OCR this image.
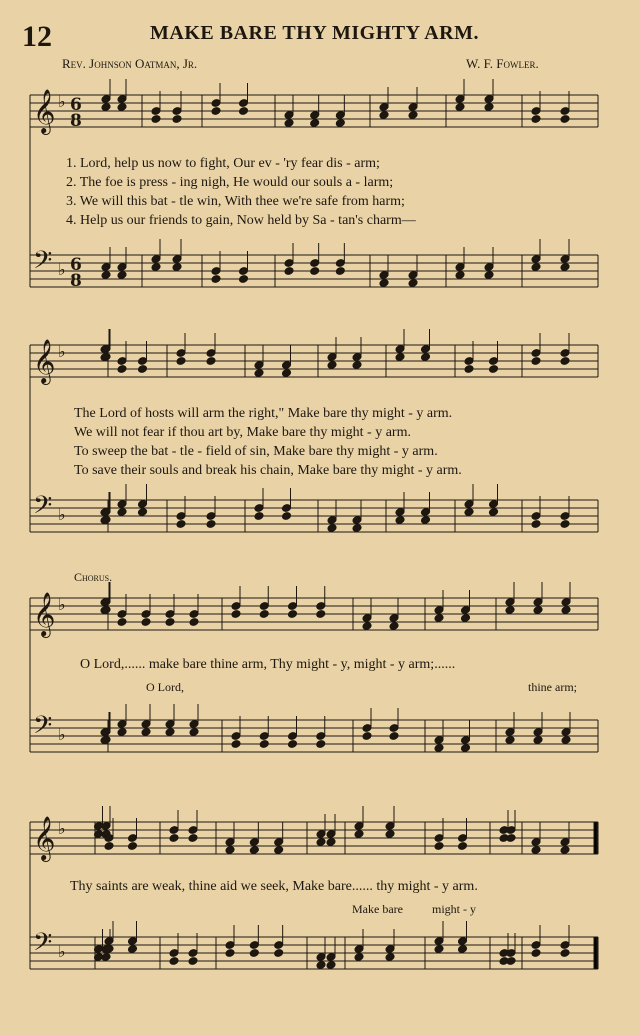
12	MAKE BARE THY MIGHTY ARM.
Rev. Johnson Oatman, Jr.	W. F. Fowler.
𝄞 ♭ 6
8
𝄢 ♭ 6
8
𝄞 ♭
𝄢 ♭
𝄞 ♭
𝄢 ♭
𝄞 ♭
𝄢 ♭
1. Lord, help us now to fight, Our ev - 'ry fear dis - arm;
2. The foe is press - ing nigh, He would our souls a - larm;
3. We will this bat - tle win, With thee we're safe from harm;
4. Help us our friends to gain, Now held by Sa - tan's charm—
The Lord of hosts will arm the right," Make bare thy might - y arm.
We will not fear if thou art by, Make bare thy might - y arm.
To sweep the bat - tle - field of sin, Make bare thy might - y arm.
To save their souls and break his chain, Make bare thy might - y arm.
Chorus.
O Lord,...... make bare thine arm, Thy might - y, might - y arm;......
O Lord,	thine arm;
Thy saints are weak, thine aid we seek, Make bare...... thy might - y arm.
Make bare might - y
